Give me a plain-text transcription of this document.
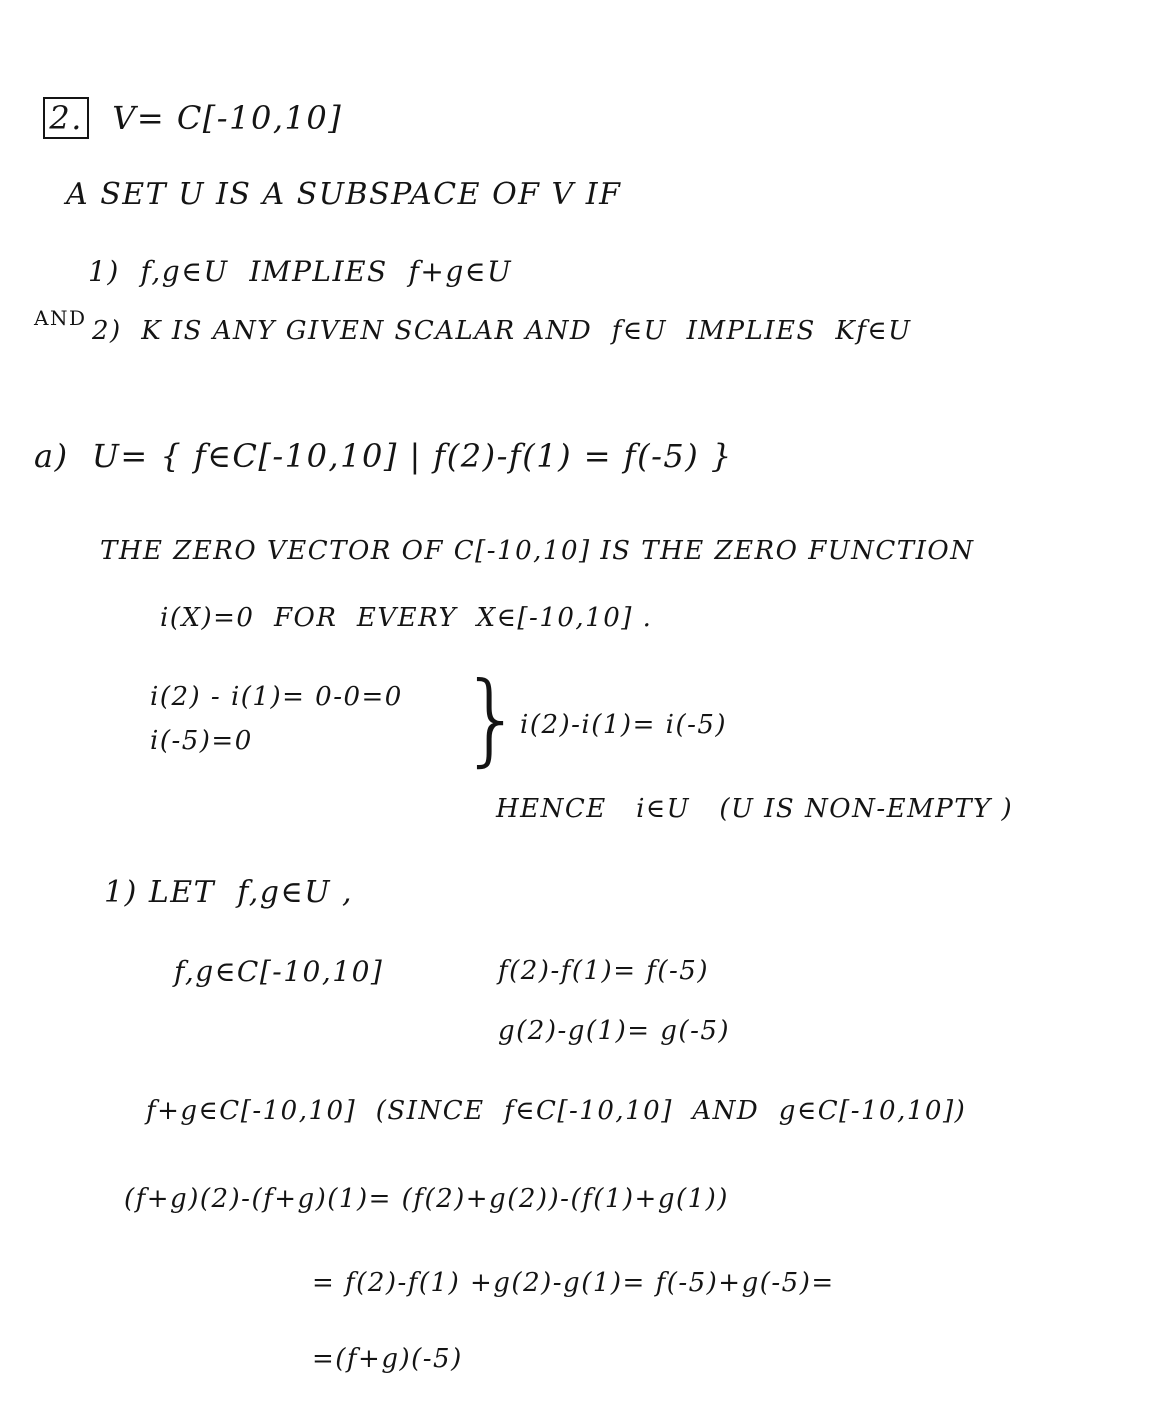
2. V= C[-10,10]

A SET U IS A SUBSPACE OF V IF
1)  f,g∈U  IMPLIES  f+g∈U
AND 2)  K IS ANY GIVEN SCALAR AND  f∈U  IMPLIES  Kf∈U
a)  U= { f∈C[-10,10] | f(2)-f(1) = f(-5) }
THE ZERO VECTOR OF C[-10,10] IS THE ZERO FUNCTION
i(X)=0  FOR  EVERY  X∈[-10,10] .
i(2) - i(1)= 0-0=0
i(-5)=0 }
i(2)-i(1)= i(-5)
HENCE   i∈U   (U IS NON-EMPTY )
1) LET  f,g∈U ,
f,g∈C[-10,10]	f(2)-f(1)= f(-5)
g(2)-g(1)= g(-5)
f+g∈C[-10,10]  (SINCE  f∈C[-10,10]  AND  g∈C[-10,10])
(f+g)(2)-(f+g)(1)= (f(2)+g(2))-(f(1)+g(1))
= f(2)-f(1) +g(2)-g(1)= f(-5)+g(-5)=
=(f+g)(-5)
